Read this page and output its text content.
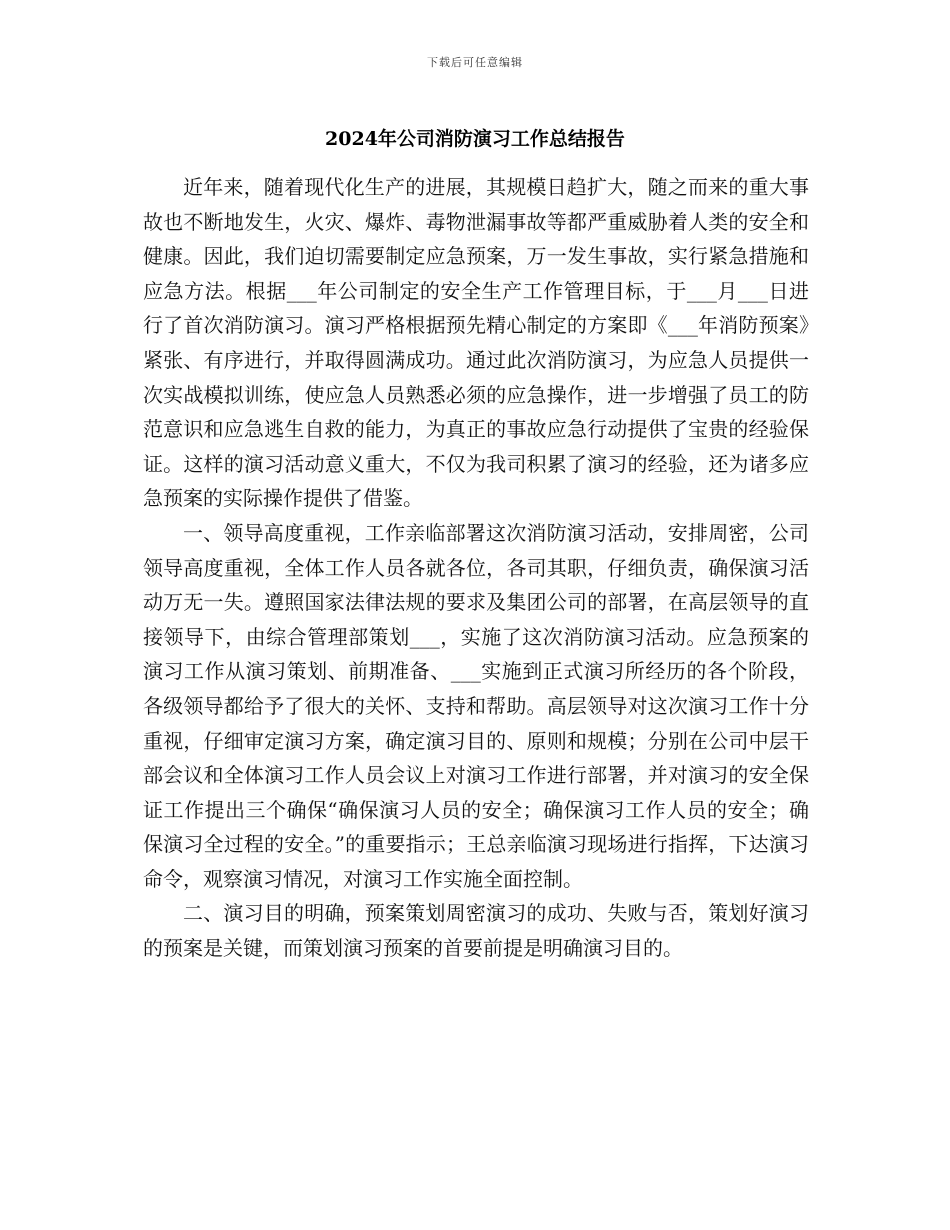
下载后可任意编辑
2024年公司消防演习工作总结报告

近年来，随着现代化生产的进展，其规模日趋扩大，随之而来的重大事故也不断地发生，火灾、爆炸、毒物泄漏事故等都严重威胁着人类的安全和健康。因此，我们迫切需要制定应急预案，万一发生事故，实行紧急措施和应急方法。根据___年公司制定的安全生产工作管理目标，于___月___日进行了首次消防演习。演习严格根据预先精心制定的方案即《___年消防预案》紧张、有序进行，并取得圆满成功。通过此次消防演习，为应急人员提供一次实战模拟训练，使应急人员熟悉必须的应急操作，进一步增强了员工的防范意识和应急逃生自救的能力，为真正的事故应急行动提供了宝贵的经验保证。这样的演习活动意义重大，不仅为我司积累了演习的经验，还为诸多应急预案的实际操作提供了借鉴。

一、领导高度重视，工作亲临部署这次消防演习活动，安排周密，公司领导高度重视，全体工作人员各就各位，各司其职，仔细负责，确保演习活动万无一失。遵照国家法律法规的要求及集团公司的部署，在高层领导的直接领导下，由综合管理部策划___，实施了这次消防演习活动。应急预案的演习工作从演习策划、前期准备、___实施到正式演习所经历的各个阶段，各级领导都给予了很大的关怀、支持和帮助。高层领导对这次演习工作十分重视，仔细审定演习方案，确定演习目的、原则和规模；分别在公司中层干部会议和全体演习工作人员会议上对演习工作进行部署，并对演习的安全保证工作提出三个确保“确保演习人员的安全；确保演习工作人员的安全；确保演习全过程的安全。”的重要指示；王总亲临演习现场进行指挥，下达演习命令，观察演习情况，对演习工作实施全面控制。

二、演习目的明确，预案策划周密演习的成功、失败与否，策划好演习的预案是关键，而策划演习预案的首要前提是明确演习目的。
